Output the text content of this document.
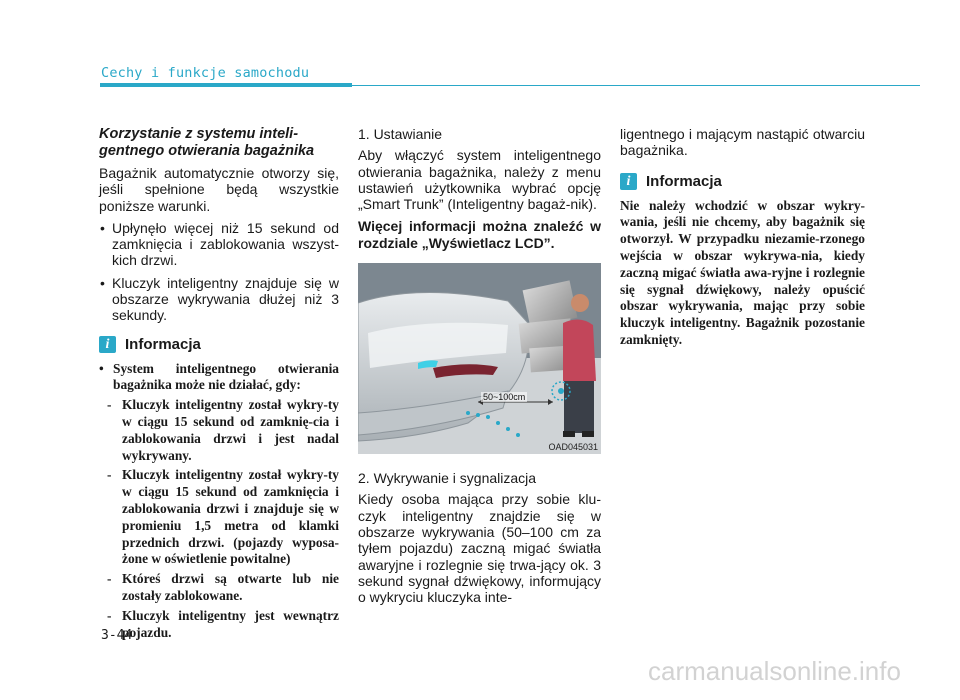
Cechy i funkcje samochodu

Korzystanie z systemu inteli-gentnego otwierania bagażnika

Bagażnik automatycznie otworzy się, jeśli spełnione będą wszystkie poniższe warunki.

• Upłynęło więcej niż 15 sekund od zamknięcia i zablokowania wszyst-kich drzwi.
• Kluczyk inteligentny znajduje się w obszarze wykrywania dłużej niż 3 sekundy.
i	Informacja
• System inteligentnego otwierania bagażnika może nie działać, gdy:
- Kluczyk inteligentny został wykry-ty w ciągu 15 sekund od zamknię-cia i zablokowania drzwi i jest nadal wykrywany.
- Kluczyk inteligentny został wykry-ty w ciągu 15 sekund od zamknięcia i zablokowania drzwi i znajduje się w promieniu 1,5 metra od klamki przednich drzwi. (pojazdy wyposa-żone w oświetlenie powitalne)
- Któreś drzwi są otwarte lub nie zostały zablokowane.
- Kluczyk inteligentny jest wewnątrz pojazdu.

1. Ustawianie

Aby włączyć system inteligentnego otwierania bagażnika, należy z menu ustawień użytkownika wybrać opcję „Smart Trunk” (Inteligentny bagaż-nik).

Więcej informacji można znaleźć w rozdziale „Wyświetlacz LCD”.

50~100cm
OAD045031

2. Wykrywanie i sygnalizacja

Kiedy osoba mająca przy sobie klu-czyk inteligentny znajdzie się w obszarze wykrywania (50–100 cm za tyłem pojazdu) zaczną migać światła awaryjne i rozlegnie się trwa-jący ok. 3 sekund sygnał dźwiękowy, informujący o wykryciu kluczyka inte-

ligentnego i mającym nastąpić otwarciu bagażnika.

i	Informacja

Nie należy wchodzić w obszar wykry-wania, jeśli nie chcemy, aby bagażnik się otworzył. W przypadku niezamie-rzonego wejścia w obszar wykrywa-nia, kiedy zaczną migać światła awa-ryjne i rozlegnie się sygnał dźwiękowy, należy opuścić obszar wykrywania, mając przy sobie kluczyk inteligentny. Bagażnik pozostanie zamknięty.

3-44
carmanualsonline.info
